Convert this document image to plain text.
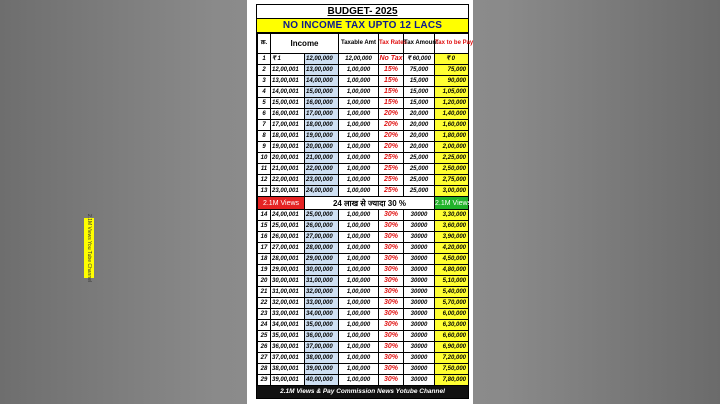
BUDGET- 2025
NO INCOME TAX UPTO 12 LACS
क्र.	Income		Taxable Amt	Tax Rates	Tax Amount	Tax to be Pay
1	₹ 1	12,00,000	12,00,000	No Tax	₹ 60,000	₹ 0
2	12,00,001	13,00,000	1,00,000	15%	75,000	75,000
3	13,00,001	14,00,000	1,00,000	15%	15,000	90,000
4	14,00,001	15,00,000	1,00,000	15%	15,000	1,05,000
5	15,00,001	16,00,000	1,00,000	15%	15,000	1,20,000
6	16,00,001	17,00,000	1,00,000	20%	20,000	1,40,000
7	17,00,001	18,00,000	1,00,000	20%	20,000	1,60,000
8	18,00,001	19,00,000	1,00,000	20%	20,000	1,80,000
9	19,00,001	20,00,000	1,00,000	20%	20,000	2,00,000
10	20,00,001	21,00,000	1,00,000	25%	25,000	2,25,000
11	21,00,001	22,00,000	1,00,000	25%	25,000	2,50,000
12	22,00,001	23,00,000	1,00,000	25%	25,000	2,75,000
13	23,00,001	24,00,000	1,00,000	25%	25,000	3,00,000
2.1M Views		24 लाख से ज्यादा 30 %				2.1M Views
14	24,00,001	25,00,000	1,00,000	30%	30000	3,30,000
15	25,00,001	26,00,000	1,00,000	30%	30000	3,60,000
16	26,00,001	27,00,000	1,00,000	30%	30000	3,90,000
17	27,00,001	28,00,000	1,00,000	30%	30000	4,20,000
18	28,00,001	29,00,000	1,00,000	30%	30000	4,50,000
19	29,00,001	30,00,000	1,00,000	30%	30000	4,80,000
20	30,00,001	31,00,000	1,00,000	30%	30000	5,10,000
21	31,00,001	32,00,000	1,00,000	30%	30000	5,40,000
22	32,00,001	33,00,000	1,00,000	30%	30000	5,70,000
23	33,00,001	34,00,000	1,00,000	30%	30000	6,00,000
24	34,00,001	35,00,000	1,00,000	30%	30000	6,30,000
25	35,00,001	36,00,000	1,00,000	30%	30000	6,60,000
26	36,00,001	37,00,000	1,00,000	30%	30000	6,90,000
27	37,00,001	38,00,000	1,00,000	30%	30000	7,20,000
28	38,00,001	39,00,000	1,00,000	30%	30000	7,50,000
29	39,00,001	40,00,000	1,00,000	30%	30000	7,80,000
2.1M Views & Pay Commission News Yotube Channel
2.1M Views You Tube Channel
